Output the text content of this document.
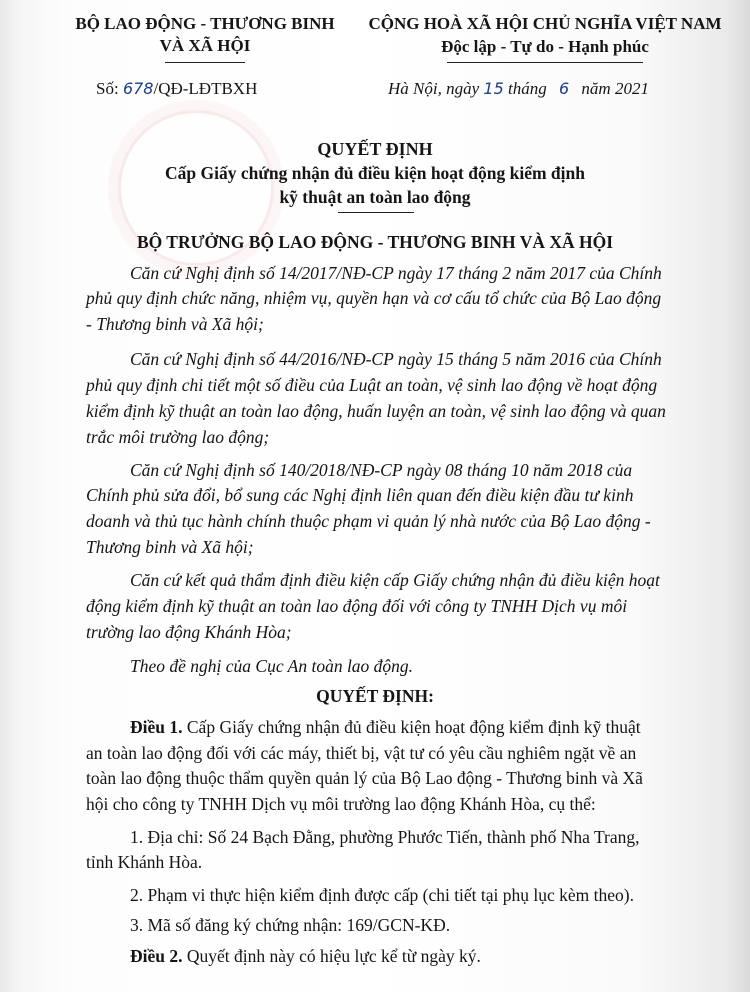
BỘ LAO ĐỘNG - THƯƠNG BINH
VÀ XÃ HỘI
CỘNG HOÀ XÃ HỘI CHỦ NGHĨA VIỆT NAM
Độc lập - Tự do - Hạnh phúc
Số: 678/QĐ-LĐTBXH	Hà Nội, ngày 15 tháng 6 năm 2021
QUYẾT ĐỊNH
Cấp Giấy chứng nhận đủ điều kiện hoạt động kiểm định
kỹ thuật an toàn lao động
BỘ TRƯỞNG BỘ LAO ĐỘNG - THƯƠNG BINH VÀ XÃ HỘI
Căn cứ Nghị định số 14/2017/NĐ-CP ngày 17 tháng 2 năm 2017 của Chính
phủ quy định chức năng, nhiệm vụ, quyền hạn và cơ cấu tổ chức của Bộ Lao động
- Thương binh và Xã hội;
Căn cứ Nghị định số 44/2016/NĐ-CP ngày 15 tháng 5 năm 2016 của Chính
phủ quy định chi tiết một số điều của Luật an toàn, vệ sinh lao động về hoạt động
kiểm định kỹ thuật an toàn lao động, huấn luyện an toàn, vệ sinh lao động và quan
trắc môi trường lao động;
Căn cứ Nghị định số 140/2018/NĐ-CP ngày 08 tháng 10 năm 2018 của
Chính phủ sửa đổi, bổ sung các Nghị định liên quan đến điều kiện đầu tư kinh
doanh và thủ tục hành chính thuộc phạm vi quản lý nhà nước của Bộ Lao động -
Thương binh và Xã hội;
Căn cứ kết quả thẩm định điều kiện cấp Giấy chứng nhận đủ điều kiện hoạt
động kiểm định kỹ thuật an toàn lao động đối với công ty TNHH Dịch vụ môi
trường lao động Khánh Hòa;
Theo đề nghị của Cục An toàn lao động.
QUYẾT ĐỊNH:
Điều 1. Cấp Giấy chứng nhận đủ điều kiện hoạt động kiểm định kỹ thuật
an toàn lao động đối với các máy, thiết bị, vật tư có yêu cầu nghiêm ngặt về an
toàn lao động thuộc thẩm quyền quản lý của Bộ Lao động - Thương binh và Xã
hội cho công ty TNHH Dịch vụ môi trường lao động Khánh Hòa, cụ thể:
1. Địa chỉ: Số 24 Bạch Đằng, phường Phước Tiến, thành phố Nha Trang,
tỉnh Khánh Hòa.
2. Phạm vi thực hiện kiểm định được cấp (chi tiết tại phụ lục kèm theo).
3. Mã số đăng ký chứng nhận: 169/GCN-KĐ.
Điều 2. Quyết định này có hiệu lực kể từ ngày ký.
